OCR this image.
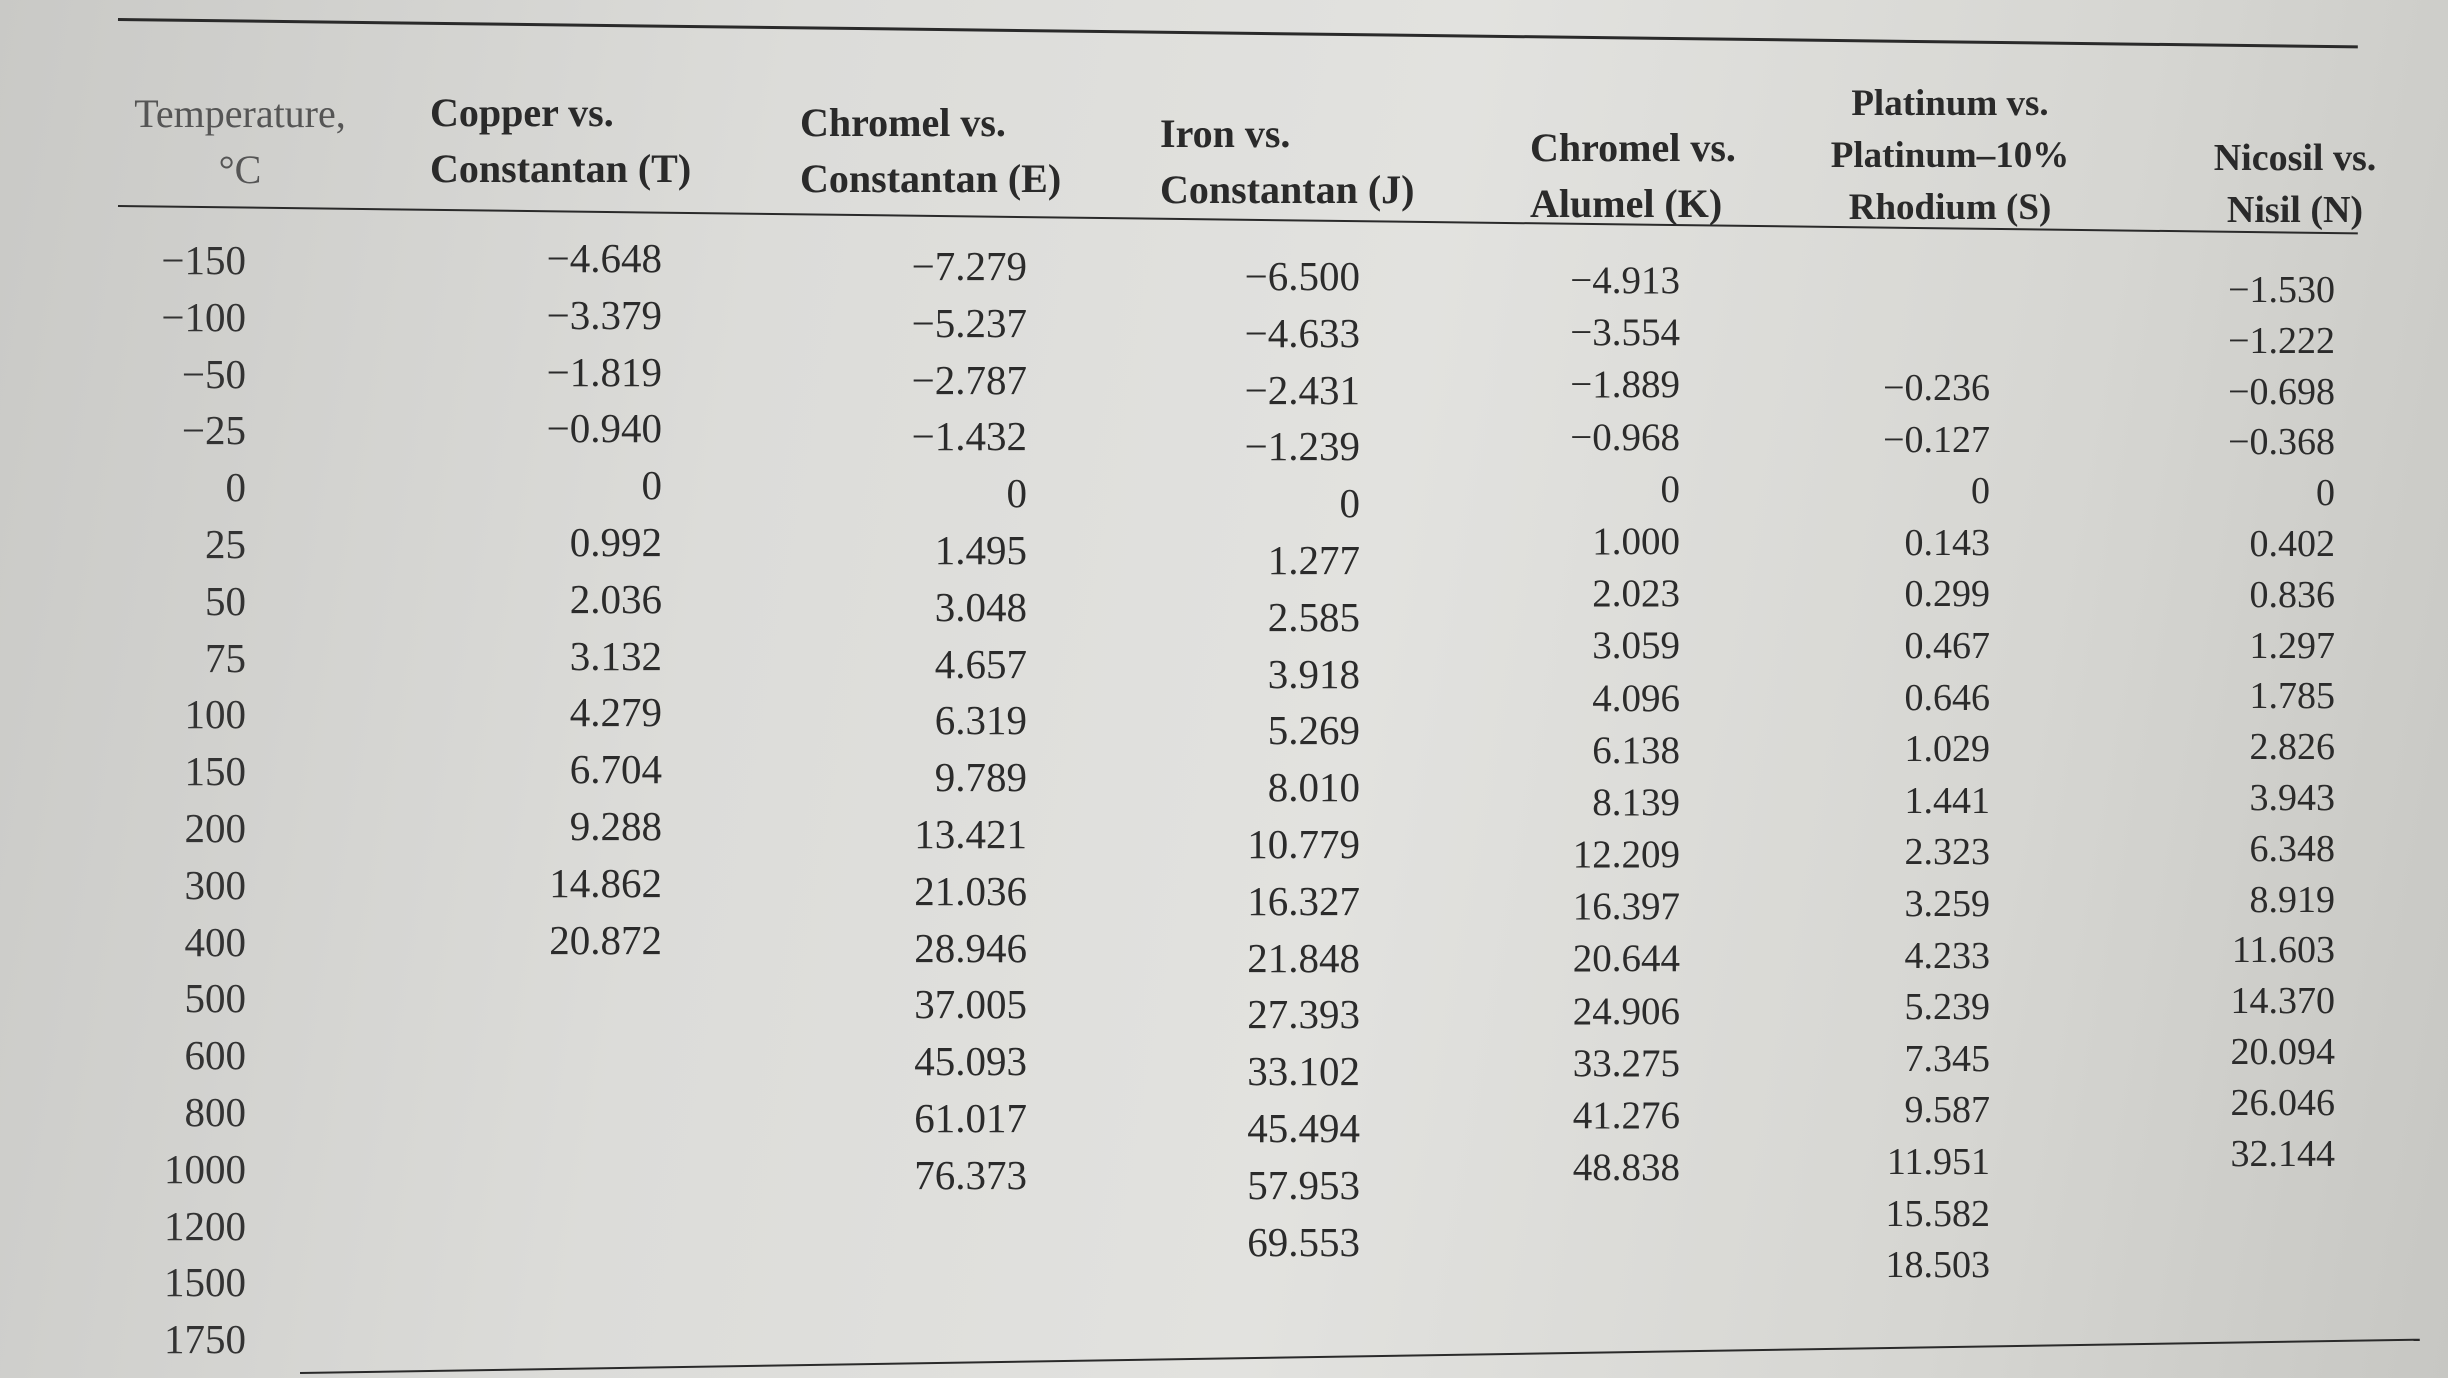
Temperature,
°C
Copper vs.
Constantan (T)
Chromel vs.
Constantan (E)
Iron vs.
Constantan (J)
Chromel vs.
Alumel (K)
Platinum vs.
Platinum–10%
Rhodium (S)
Nicosil vs.
Nisil (N)
−150
−100
−50
−25
0
25
50
75
100
150
200
300
400
500
600
800
1000
1200
1500
1750
−4.648
−3.379
−1.819
−0.940
0
0.992
2.036
3.132
4.279
6.704
9.288
14.862
20.872
−7.279
−5.237
−2.787
−1.432
0
1.495
3.048
4.657
6.319
9.789
13.421
21.036
28.946
37.005
45.093
61.017
76.373
−6.500
−4.633
−2.431
−1.239
0
1.277
2.585
3.918
5.269
8.010
10.779
16.327
21.848
27.393
33.102
45.494
57.953
69.553
−4.913
−3.554
−1.889
−0.968
0
1.000
2.023
3.059
4.096
6.138
8.139
12.209
16.397
20.644
24.906
33.275
41.276
48.838
−0.236
−0.127
0
0.143
0.299
0.467
0.646
1.029
1.441
2.323
3.259
4.233
5.239
7.345
9.587
11.951
15.582
18.503
−1.530
−1.222
−0.698
−0.368
0
0.402
0.836
1.297
1.785
2.826
3.943
6.348
8.919
11.603
14.370
20.094
26.046
32.144
